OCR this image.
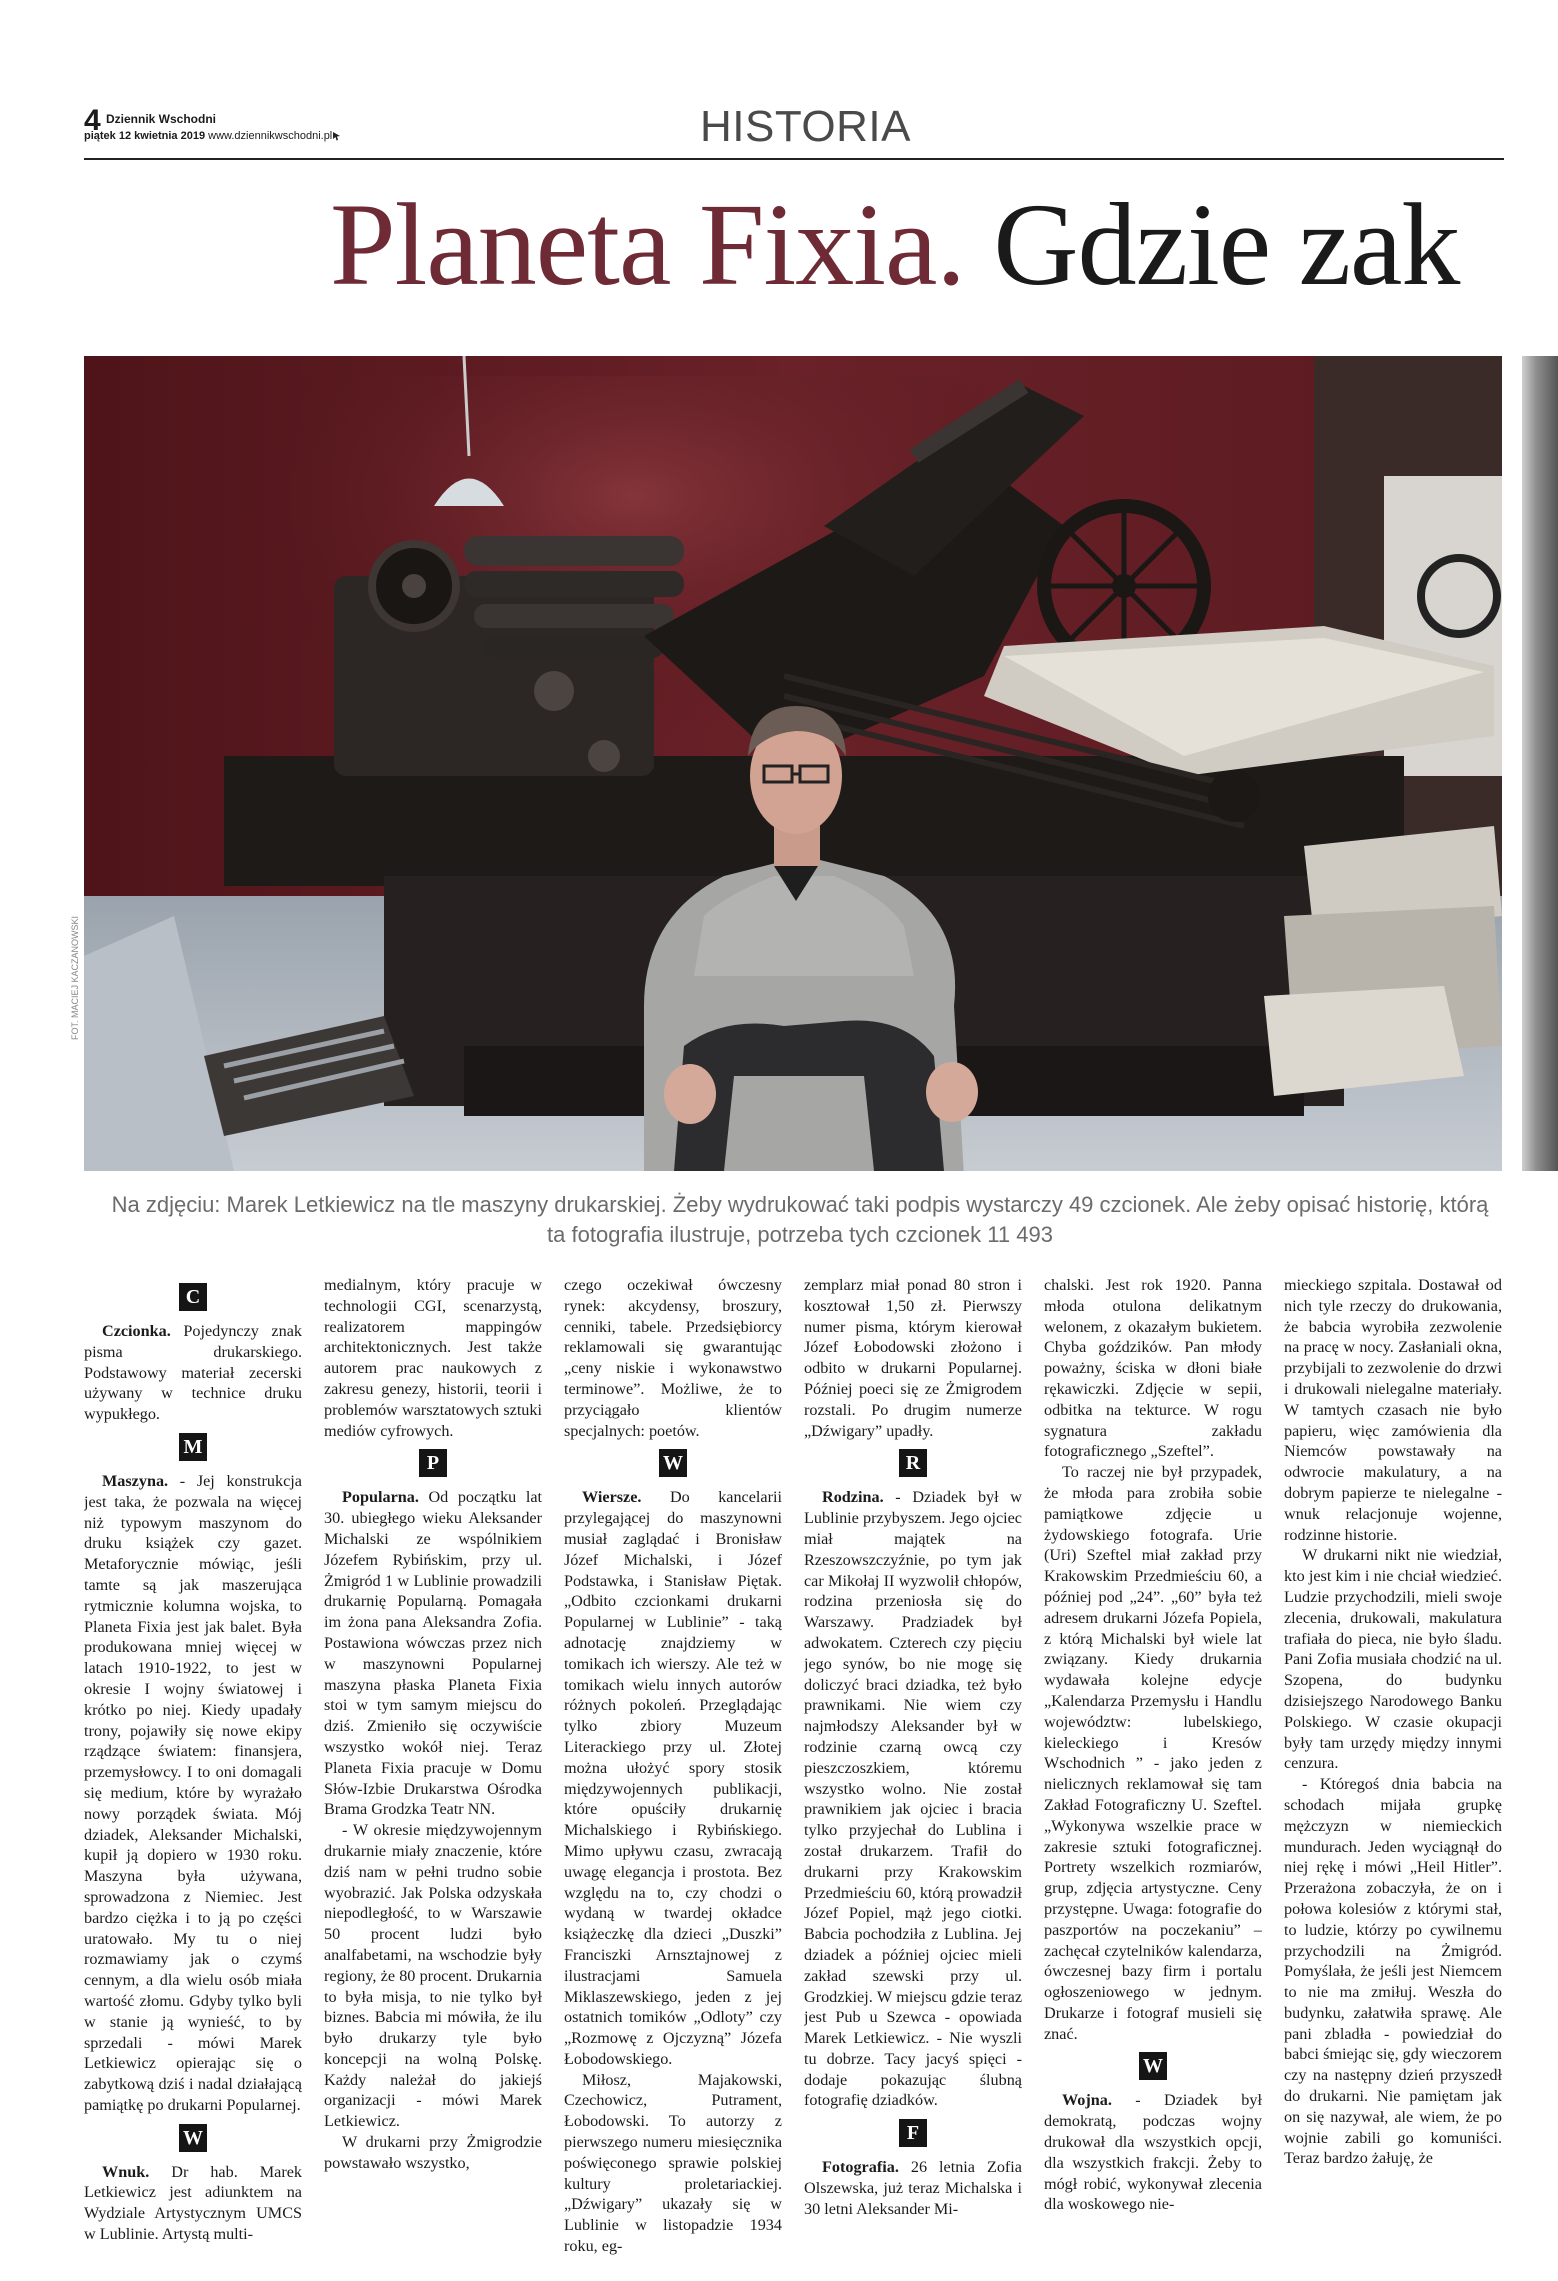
4 Dziennik Wschodni
piątek 12 kwietnia 2019 www.dziennikwschodni.pl	HISTORIA
Planeta Fixia. Gdzie zak
FOT. MACIEJ KACZANOWSKI
Na zdjęciu: Marek Letkiewicz na tle maszyny drukarskiej. Żeby wydrukować taki podpis wystarczy 49 czcionek. Ale żeby opisać historię, którą ta fotografia ilustruje, potrzeba tych czcionek 11 493
C

Czcionka. Pojedynczy znak pisma drukarskiego. Podstawowy materiał zecerski używany w technice druku wypukłego.

M

Maszyna. - Jej konstrukcja jest taka, że pozwala na więcej niż typowym maszynom do druku książek czy gazet. Metaforycznie mówiąc, jeśli tamte są jak maszerująca rytmicznie kolumna wojska, to Planeta Fixia jest jak balet. Była produkowana mniej więcej w latach 1910-1922, to jest w okresie I wojny światowej i krótko po niej. Kiedy upadały trony, pojawiły się nowe ekipy rządzące światem: finansjera, przemysłowcy. I to oni domagali się medium, które by wyrażało nowy porządek świata. Mój dziadek, Aleksander Michalski, kupił ją dopiero w 1930 roku. Maszyna była używana, sprowadzona z Niemiec. Jest bardzo ciężka i to ją po części uratowało. My tu o niej rozmawiamy jak o czymś cennym, a dla wielu osób miała wartość złomu. Gdyby tylko byli w stanie ją wynieść, to by sprzedali - mówi Marek Letkiewicz opierając się o zabytkową dziś i nadal działającą pamiątkę po drukarni Popularnej.

W

Wnuk. Dr hab. Marek Letkiewicz jest adiunktem na Wydziale Artystycznym UMCS w Lublinie. Artystą multi-

medialnym, który pracuje w technologii CGI, scenarzystą, realizatorem mappingów architektonicznych. Jest także autorem prac naukowych z zakresu genezy, historii, teorii i problemów warsztatowych sztuki mediów cyfrowych.

P

Popularna. Od początku lat 30. ubiegłego wieku Aleksander Michalski ze wspólnikiem Józefem Rybińskim, przy ul. Żmigród 1 w Lublinie prowadzili drukarnię Popularną. Pomagała im żona pana Aleksandra Zofia. Postawiona wówczas przez nich w maszynowni Popularnej maszyna płaska Planeta Fixia stoi w tym samym miejscu do dziś. Zmieniło się oczywiście wszystko wokół niej. Teraz Planeta Fixia pracuje w Domu Słów-Izbie Drukarstwa Ośrodka Brama Grodzka Teatr NN.

- W okresie międzywojennym drukarnie miały znaczenie, które dziś nam w pełni trudno sobie wyobrazić. Jak Polska odzyskała niepodległość, to w Warszawie 50 procent ludzi było analfabetami, na wschodzie były regiony, że 80 procent. Drukarnia to była misja, to nie tylko był biznes. Babcia mi mówiła, że ilu było drukarzy tyle było koncepcji na wolną Polskę. Każdy należał do jakiejś organizacji - mówi Marek Letkiewicz.

W drukarni przy Żmigrodzie powstawało wszystko,

czego oczekiwał ówczesny rynek: akcydensy, broszury, cenniki, tabele. Przedsiębiorcy reklamowali się gwarantując „ceny niskie i wykonawstwo terminowe”. Możliwe, że to przyciągało klientów specjalnych: poetów.

W

Wiersze. Do kancelarii przylegającej do maszynowni musiał zaglądać i Bronisław Józef Michalski, i Józef Podstawka, i Stanisław Piętak. „Odbito czcionkami drukarni Popularnej w Lublinie” - taką adnotację znajdziemy w tomikach ich wierszy. Ale też w tomikach wielu innych autorów różnych pokoleń. Przeglądając tylko zbiory Muzeum Literackiego przy ul. Złotej można ułożyć spory stosik międzywojennych publikacji, które opuściły drukarnię Michalskiego i Rybińskiego. Mimo upływu czasu, zwracają uwagę elegancja i prostota. Bez względu na to, czy chodzi o wydaną w twardej okładce książeczkę dla dzieci „Duszki” Franciszki Arnsztajnowej z ilustracjami Samuela Miklaszewskiego, jeden z jej ostatnich tomików „Odloty” czy „Rozmowę z Ojczyzną” Józefa Łobodowskiego.

Miłosz, Majakowski, Czechowicz, Putrament, Łobodowski. To autorzy z pierwszego numeru miesięcznika poświęconego sprawie polskiej kultury proletariackiej. „Dźwigary” ukazały się w Lublinie w listopadzie 1934 roku, eg-

zemplarz miał ponad 80 stron i kosztował 1,50 zł. Pierwszy numer pisma, którym kierował Józef Łobodowski złożono i odbito w drukarni Popularnej. Później poeci się ze Żmigrodem rozstali. Po drugim numerze „Dźwigary” upadły.

R

Rodzina. - Dziadek był w Lublinie przybyszem. Jego ojciec miał majątek na Rzeszowszczyźnie, po tym jak car Mikołaj II wyzwolił chłopów, rodzina przeniosła się do Warszawy. Pradziadek był adwokatem. Czterech czy pięciu jego synów, bo nie mogę się doliczyć braci dziadka, też było prawnikami. Nie wiem czy najmłodszy Aleksander był w rodzinie czarną owcą czy pieszczoszkiem, któremu wszystko wolno. Nie został prawnikiem jak ojciec i bracia tylko przyjechał do Lublina i został drukarzem. Trafił do drukarni przy Krakowskim Przedmieściu 60, którą prowadził Józef Popiel, mąż jego ciotki. Babcia pochodziła z Lublina. Jej dziadek a później ojciec mieli zakład szewski przy ul. Grodzkiej. W miejscu gdzie teraz jest Pub u Szewca - opowiada Marek Letkiewicz. - Nie wyszli tu dobrze. Tacy jacyś spięci - dodaje pokazując ślubną fotografię dziadków.

F

Fotografia. 26 letnia Zofia Olszewska, już teraz Michalska i 30 letni Aleksander Mi-

chalski. Jest rok 1920. Panna młoda otulona delikatnym welonem, z okazałym bukietem. Chyba goździków. Pan młody poważny, ściska w dłoni białe rękawiczki. Zdjęcie w sepii, odbitka na tekturce. W rogu sygnatura zakładu fotograficznego „Szeftel”.

To raczej nie był przypadek, że młoda para zrobiła sobie pamiątkowe zdjęcie u żydowskiego fotografa. Urie (Uri) Szeftel miał zakład przy Krakowskim Przedmieściu 60, a później pod „24”. „60” była też adresem drukarni Józefa Popiela, z którą Michalski był wiele lat związany. Kiedy drukarnia wydawała kolejne edycje „Kalendarza Przemysłu i Handlu województw: lubelskiego, kieleckiego i Kresów Wschodnich ” - jako jeden z nielicznych reklamował się tam Zakład Fotograficzny U. Szeftel. „Wykonywa wszelkie prace w zakresie sztuki fotograficznej. Portrety wszelkich rozmiarów, grup, zdjęcia artystyczne. Ceny przystępne. Uwaga: fotografie do paszportów na poczekaniu” – zachęcał czytelników kalendarza, ówczesnej bazy firm i portalu ogłoszeniowego w jednym. Drukarze i fotograf musieli się znać.

W

Wojna. - Dziadek był demokratą, podczas wojny drukował dla wszystkich opcji, dla wszystkich frakcji. Żeby to mógł robić, wykonywał zlecenia dla woskowego nie-

mieckiego szpitala. Dostawał od nich tyle rzeczy do drukowania, że babcia wyrobiła zezwolenie na pracę w nocy. Zasłaniali okna, przybijali to zezwolenie do drzwi i drukowali nielegalne materiały. W tamtych czasach nie było papieru, więc zamówienia dla Niemców powstawały na odwrocie makulatury, a na dobrym papierze te nielegalne - wnuk relacjonuje wojenne, rodzinne historie.

W drukarni nikt nie wiedział, kto jest kim i nie chciał wiedzieć. Ludzie przychodzili, mieli swoje zlecenia, drukowali, makulatura trafiała do pieca, nie było śladu. Pani Zofia musiała chodzić na ul. Szopena, do budynku dzisiejszego Narodowego Banku Polskiego. W czasie okupacji były tam urzędy między innymi cenzura.

- Któregoś dnia babcia na schodach mijała grupkę mężczyzn w niemieckich mundurach. Jeden wyciągnął do niej rękę i mówi „Heil Hitler”. Przerażona zobaczyła, że on i połowa kolesiów z którymi stał, to ludzie, którzy po cywilnemu przychodzili na Żmigród. Pomyślała, że jeśli jest Niemcem to nie ma zmiłuj. Weszła do budynku, załatwiła sprawę. Ale pani zbladła - powiedział do babci śmiejąc się, gdy wieczorem czy na następny dzień przyszedł do drukarni. Nie pamiętam jak on się nazywał, ale wiem, że po wojnie zabili go komuniści. Teraz bardzo żałuję, że
